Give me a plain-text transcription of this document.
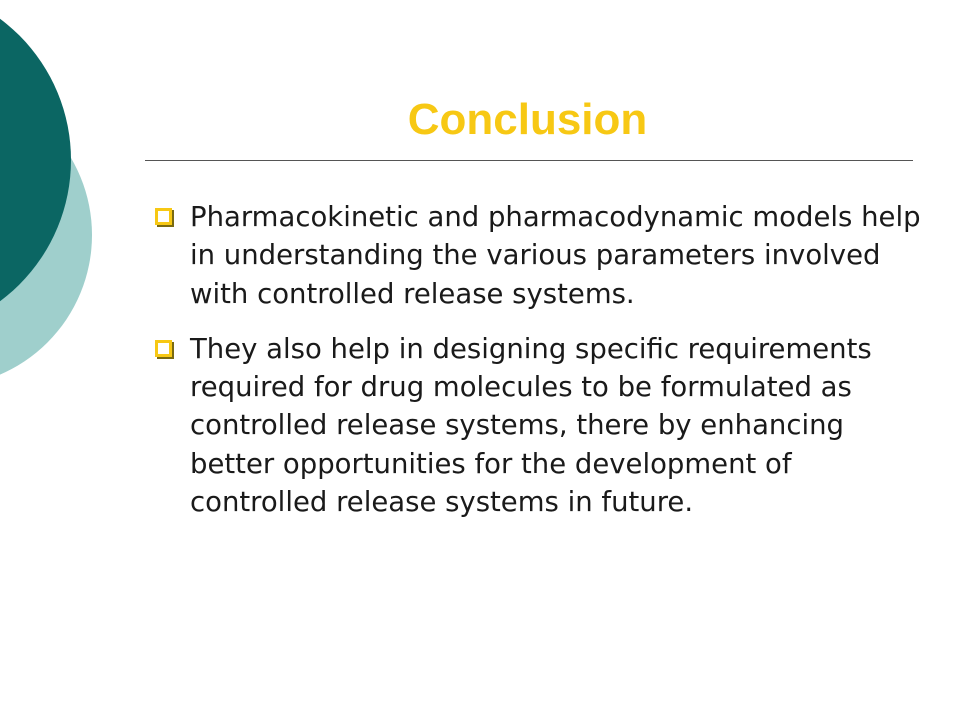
Conclusion
Pharmacokinetic and pharmacodynamic models help in understanding the various parameters involved with controlled release systems.
They also help in designing specific requirements required for drug molecules to be formulated as controlled release systems, there by enhancing better opportunities for the development of controlled release systems in future.
